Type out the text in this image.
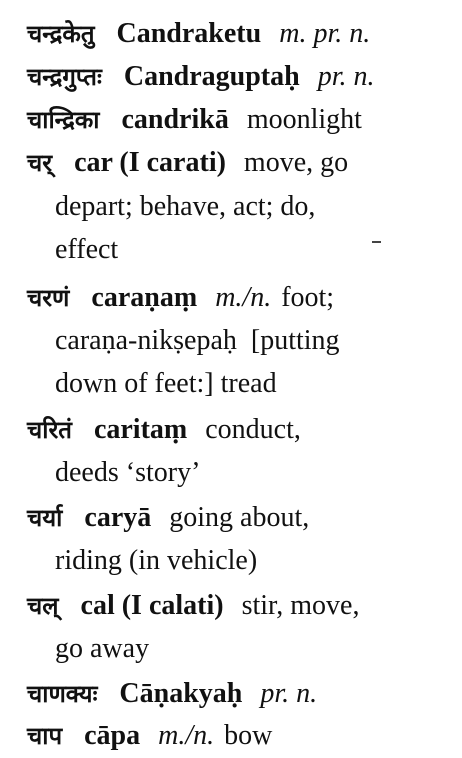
चन्द्रकेतु Candraketu m. pr. n.
चन्द्रगुप्तः Candraguptaḥ pr. n.
चान्द्रिका candrikā moonlight
चर् car (I carati) move, go
depart; behave, act; do,
effect
चरणं caraṇaṃ m./n. foot;
caraṇa-nikṣepaḥ  [putting
down of feet:] tread
चरितं caritaṃ conduct,
deeds ‘story’
चर्या caryā going about,
riding (in vehicle)
चल् cal (I calati) stir, move,
go away
चाणक्यः Cāṇakyaḥ pr. n.
चाप cāpa m./n. bow
